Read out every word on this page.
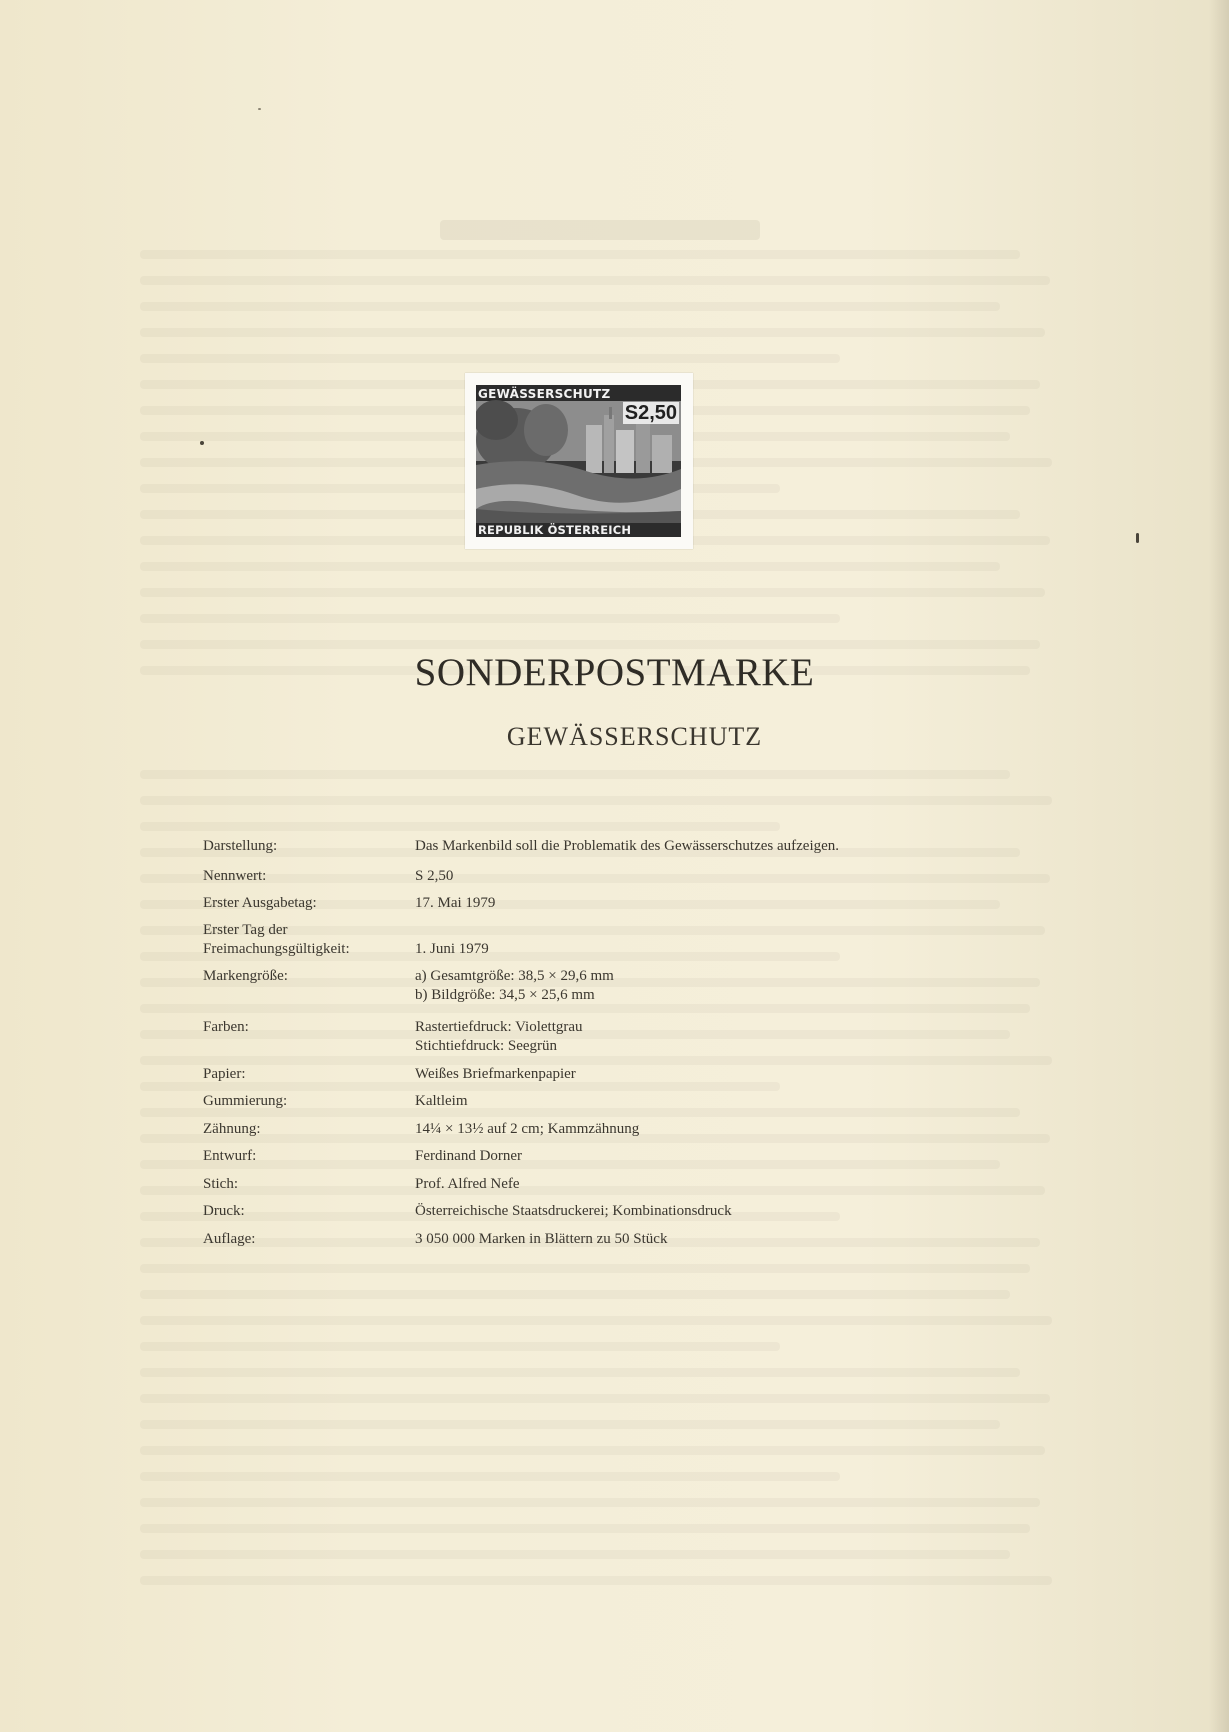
GEWÄSSERSCHUTZ
S2,50
REPUBLIK ÖSTERREICH
SONDERPOSTMARKE
GEWÄSSERSCHUTZ
Darstellung:	Das Markenbild soll die Problematik des Gewässerschutzes aufzeigen.
Nennwert:	S 2,50
Erster Ausgabetag:	17. Mai 1979
Erster Tag der
Freimachungsgültigkeit:	1. Juni 1979
Markengröße:	a) Gesamtgröße: 38,5 × 29,6 mm
b) Bildgröße: 34,5 × 25,6 mm
Farben:	Rastertiefdruck: Violettgrau
Stichtiefdruck: Seegrün
Papier:	Weißes Briefmarkenpapier
Gummierung:	Kaltleim
Zähnung:	14¼ × 13½ auf 2 cm; Kammzähnung
Entwurf:	Ferdinand Dorner
Stich:	Prof. Alfred Nefe
Druck:	Österreichische Staatsdruckerei; Kombinationsdruck
Auflage:	3 050 000 Marken in Blättern zu 50 Stück
